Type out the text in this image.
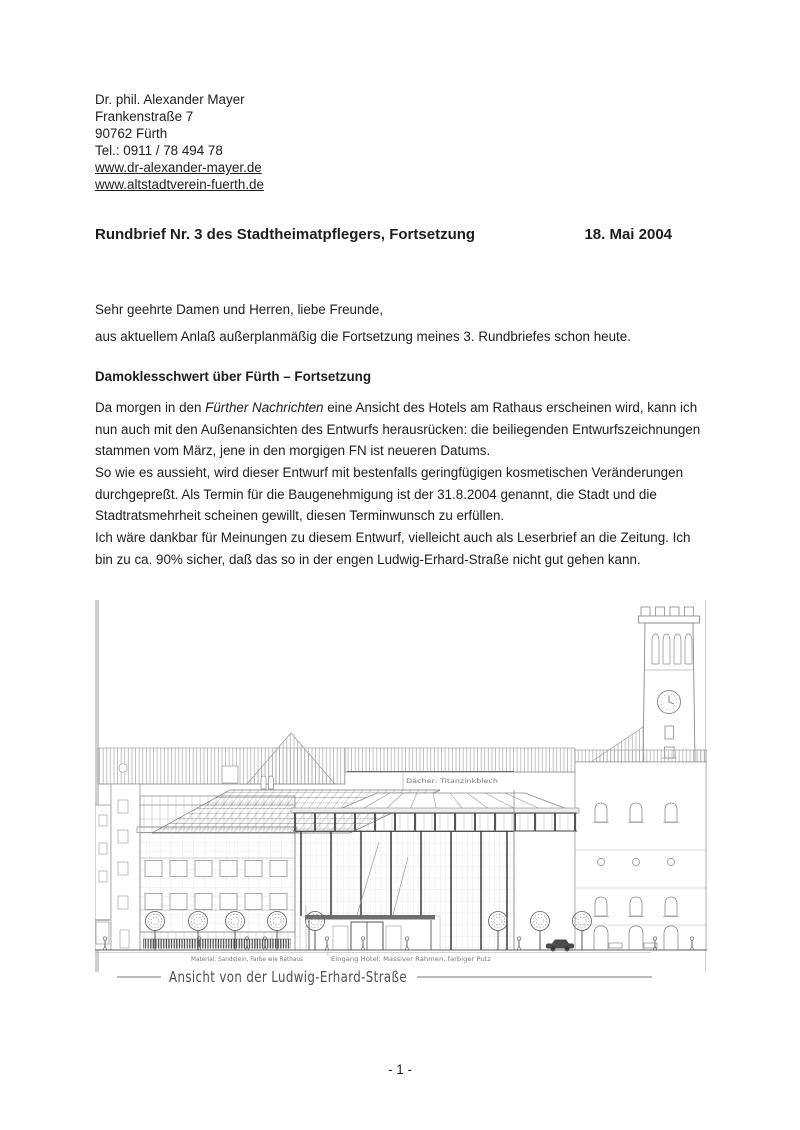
Dr. phil. Alexander Mayer
Frankenstraße 7
90762 Fürth
Tel.: 0911 / 78 494 78
www.dr-alexander-mayer.de
www.altstadtverein-fuerth.de
Rundbrief Nr. 3 des Stadtheimatpflegers, Fortsetzung	18. Mai 2004
Sehr geehrte Damen und Herren, liebe Freunde,
aus aktuellem Anlaß außerplanmäßig die Fortsetzung meines 3. Rundbriefes schon heute.
Damoklesschwert über Fürth – Fortsetzung
Da morgen in den Fürther Nachrichten eine Ansicht des Hotels am Rathaus erscheinen wird, kann ich nun auch mit den Außenansichten des Entwurfs herausrücken: die beiliegenden Entwurfszeichnungen stammen vom März, jene in den morgigen FN ist neueren Datums.
So wie es aussieht, wird dieser Entwurf mit bestenfalls geringfügigen kosmetischen Veränderungen durchgepreßt. Als Termin für die Baugenehmigung ist der 31.8.2004 genannt, die Stadt und die Stadtratsmehrheit scheinen gewillt, diesen Terminwunsch zu erfüllen.
Ich wäre dankbar für Meinungen zu diesem Entwurf, vielleicht auch als Leserbrief an die Zeitung. Ich bin zu ca. 90% sicher, daß das so in der engen Ludwig-Erhard-Straße nicht gut gehen kann.
Dächer: Titanzinkblech
Material: Sandstein, Farbe wie Rathaus	Eingang Hotel: Massiver Rahmen, farbiger Putz
Ansicht von der Ludwig-Erhard-Straße
- 1 -
